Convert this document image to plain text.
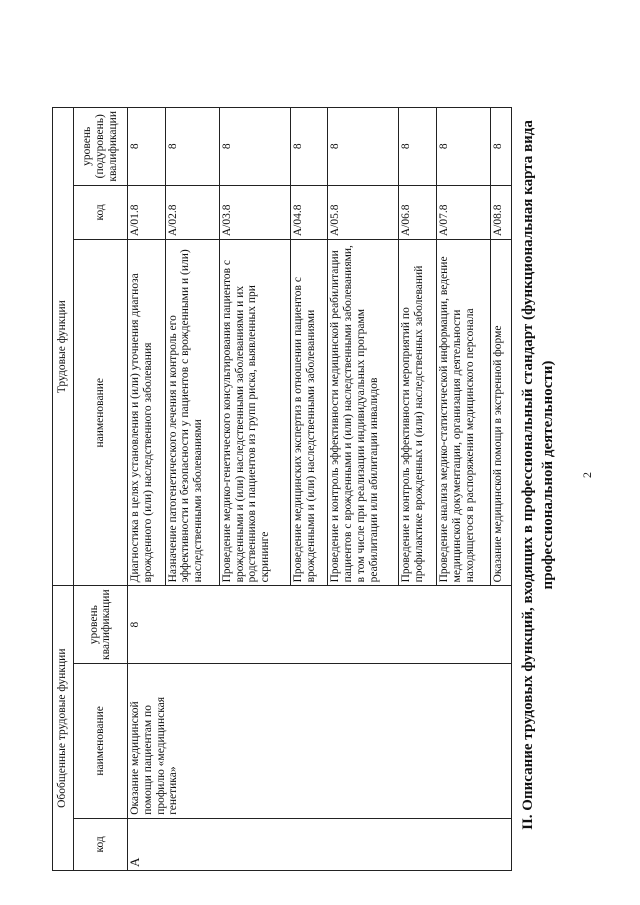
2
II. Описание трудовых функций, входящих в профессиональный стандарт (функциональная карта вида профессиональной деятельности)
Обобщенные трудовые функции			Трудовые функции		
код	наименование	уровень квалификации	наименование	код	уровень (подуровень) квалификации
А	Оказание медицинской помощи пациентам по профилю «медицинская генетика»	8	Диагностика в целях установления и (или) уточнения диагноза врожденного (или) наследственного заболевания	А/01.8	8
			Назначение патогенетического лечения и контроль его эффективности и безопасности у пациентов с врожденными и (или) наследственными заболеваниями	А/02.8	8
			Проведение медико-генетического консультирования пациентов с врожденными и (или) наследственными заболеваниями и их родственников и пациентов из групп риска, выявленных при скрининге	А/03.8	8
			Проведение медицинских экспертиз в отношении пациентов с врожденными и (или) наследственными заболеваниями	А/04.8	8
			Проведение и контроль эффективности медицинской реабилитации пациентов с врожденными и (или) наследственными заболеваниями, в том числе при реализации индивидуальных программ реабилитации или абилитации инвалидов	А/05.8	8
			Проведение и контроль эффективности мероприятий по профилактике врожденных и (или) наследственных заболеваний	А/06.8	8
			Проведение анализа медико-статистической информации, ведение медицинской документации, организация деятельности находящегося в распоряжении медицинского персонала	А/07.8	8
			Оказание медицинской помощи в экстренной форме	А/08.8	8
